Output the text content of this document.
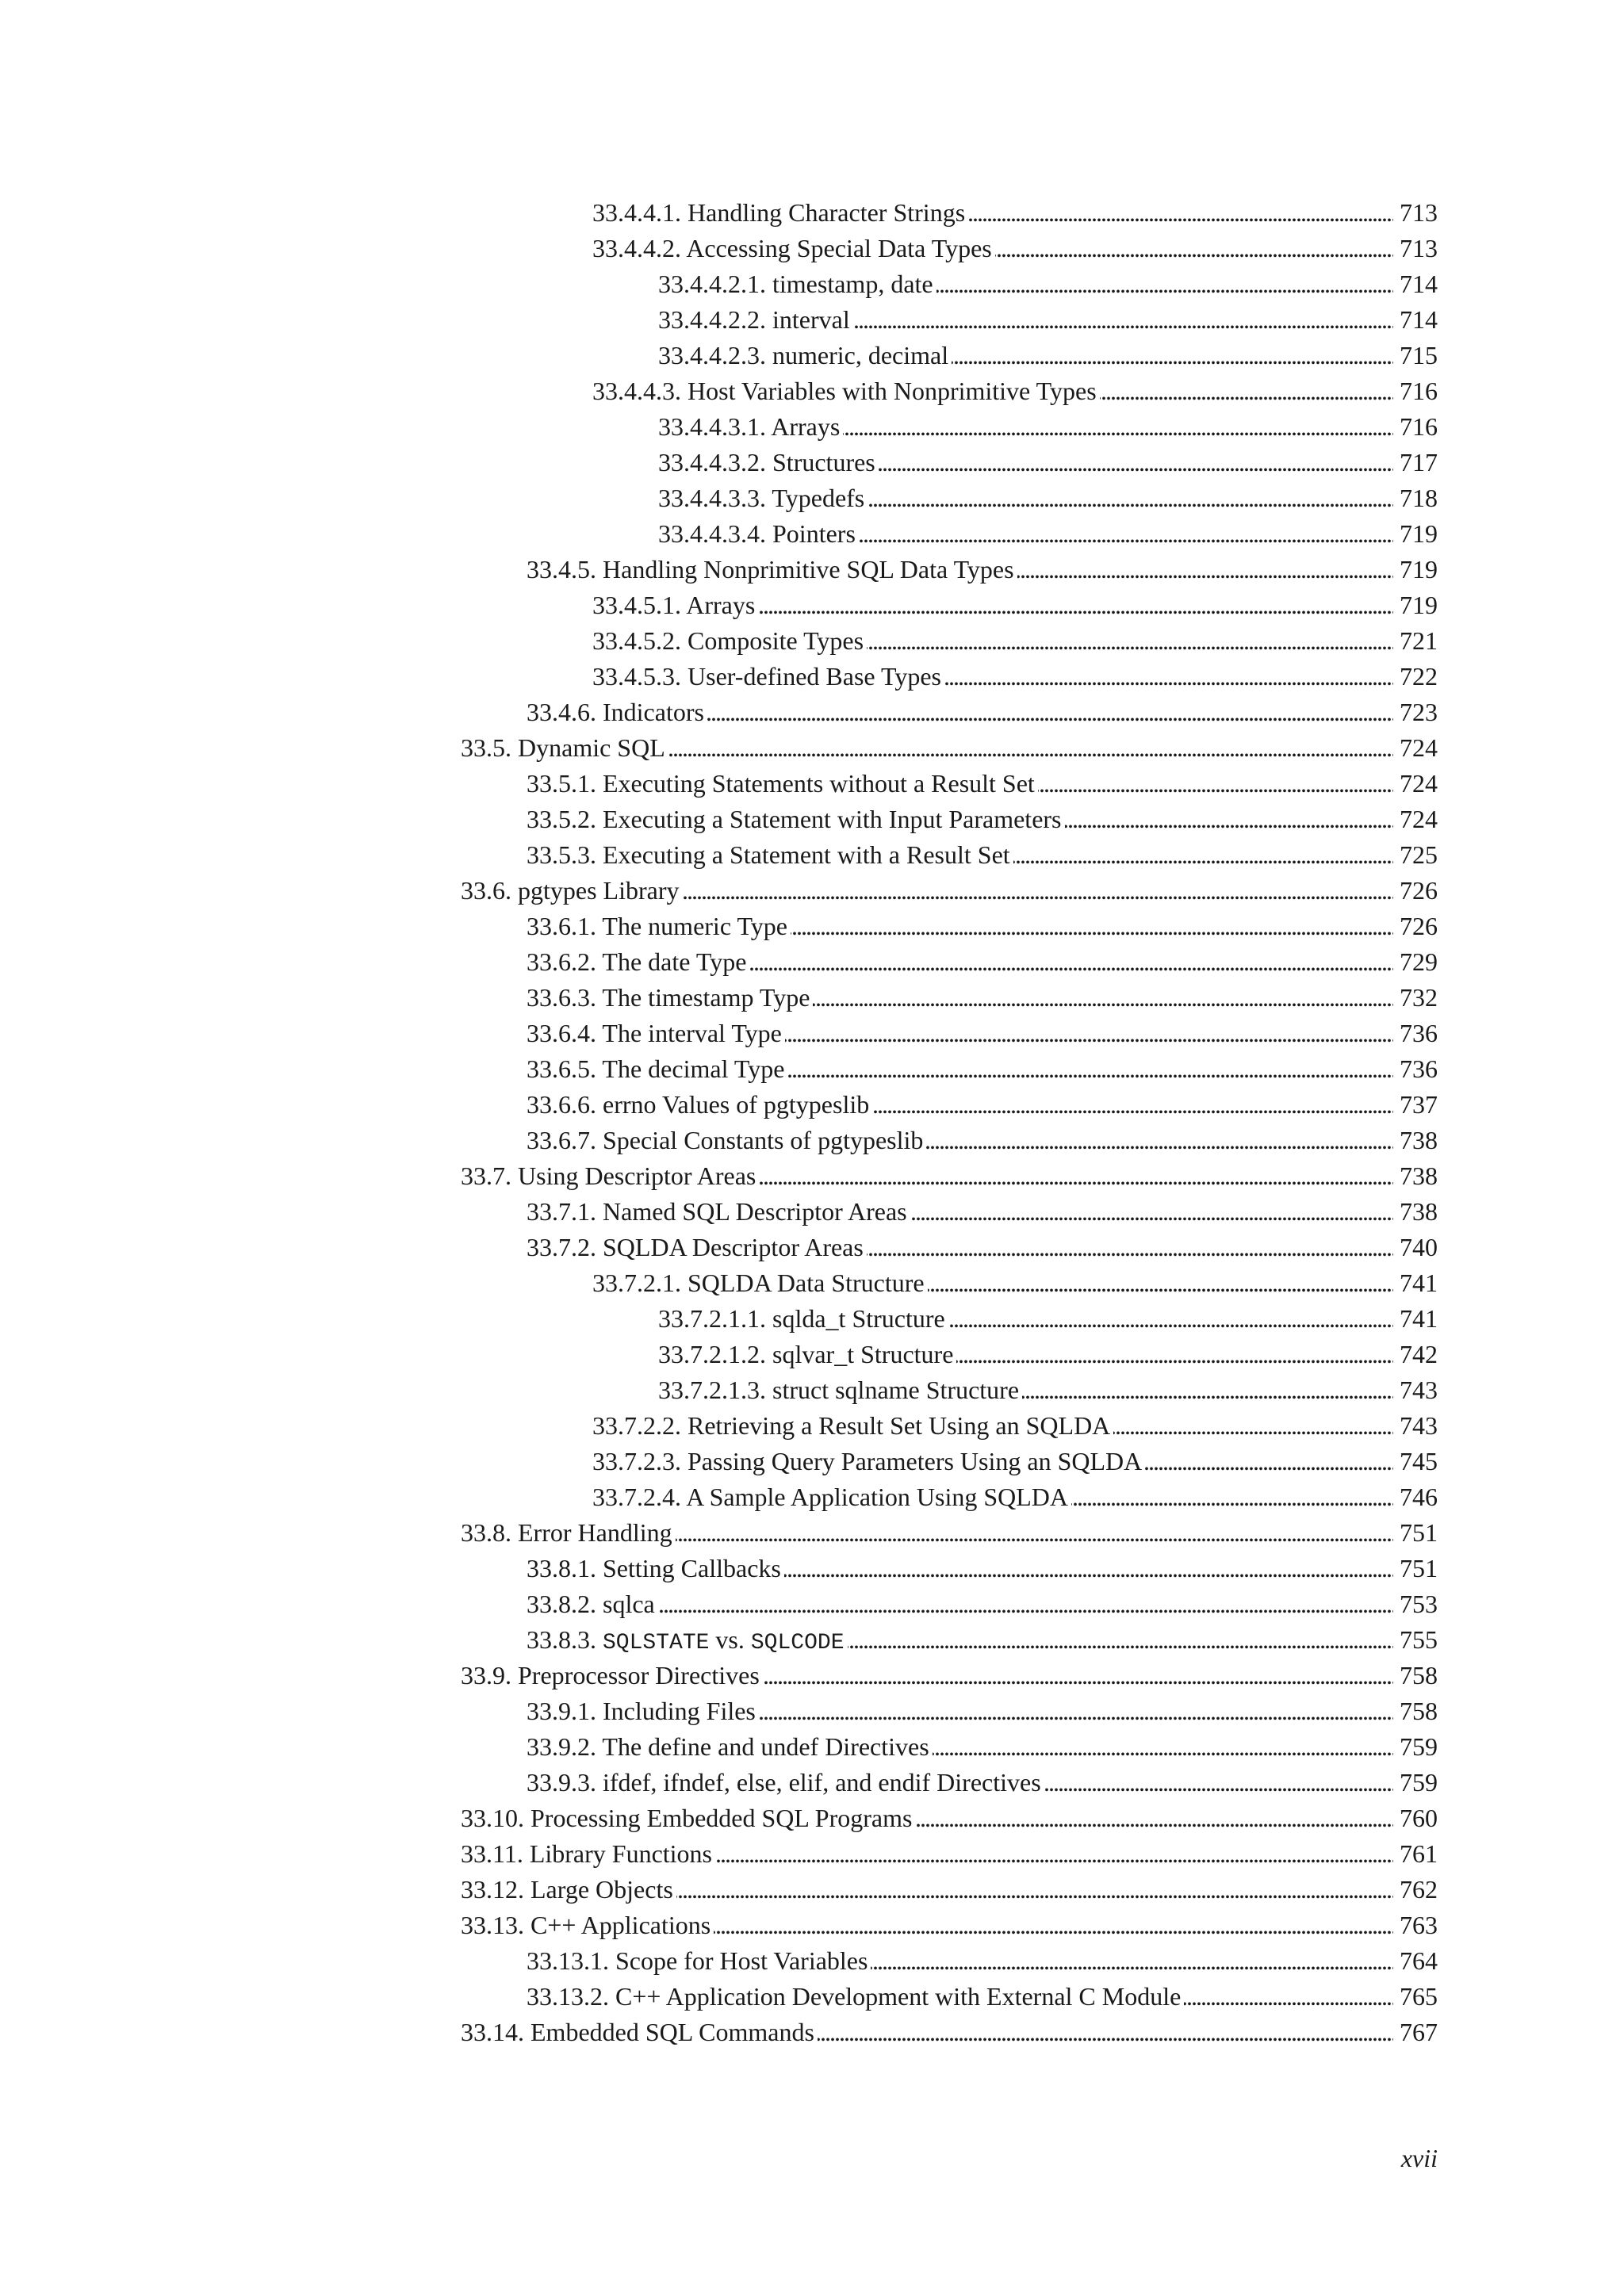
33.4.4.1. Handling Character Strings . . .	713
33.4.4.2. Accessing Special Data Types . . .	713
33.4.4.2.1. timestamp, date . . .	714
33.4.4.2.2. interval . . .	714
33.4.4.2.3. numeric, decimal . . .	715
33.4.4.3. Host Variables with Nonprimitive Types . . .	716
33.4.4.3.1. Arrays . . .	716
33.4.4.3.2. Structures . . .	717
33.4.4.3.3. Typedefs . . .	718
33.4.4.3.4. Pointers . . .	719
33.4.5. Handling Nonprimitive SQL Data Types . . .	719
33.4.5.1. Arrays . . .	719
33.4.5.2. Composite Types . . .	721
33.4.5.3. User-defined Base Types . . .	722
33.4.6. Indicators . . .	723
33.5. Dynamic SQL . . .	724
33.5.1. Executing Statements without a Result Set . . .	724
33.5.2. Executing a Statement with Input Parameters . . .	724
33.5.3. Executing a Statement with a Result Set . . .	725
33.6. pgtypes Library . . .	726
33.6.1. The numeric Type . . .	726
33.6.2. The date Type . . .	729
33.6.3. The timestamp Type . . .	732
33.6.4. The interval Type . . .	736
33.6.5. The decimal Type . . .	736
33.6.6. errno Values of pgtypeslib . . .	737
33.6.7. Special Constants of pgtypeslib . . .	738
33.7. Using Descriptor Areas . . .	738
33.7.1. Named SQL Descriptor Areas . . .	738
33.7.2. SQLDA Descriptor Areas . . .	740
33.7.2.1. SQLDA Data Structure . . .	741
33.7.2.1.1. sqlda_t Structure . . .	741
33.7.2.1.2. sqlvar_t Structure . . .	742
33.7.2.1.3. struct sqlname Structure . . .	743
33.7.2.2. Retrieving a Result Set Using an SQLDA . . .	743
33.7.2.3. Passing Query Parameters Using an SQLDA . . .	745
33.7.2.4. A Sample Application Using SQLDA . . .	746
33.8. Error Handling . . .	751
33.8.1. Setting Callbacks . . .	751
33.8.2. sqlca . . .	753
33.8.3. SQLSTATE vs. SQLCODE . . .	755
33.9. Preprocessor Directives . . .	758
33.9.1. Including Files . . .	758
33.9.2. The define and undef Directives . . .	759
33.9.3. ifdef, ifndef, else, elif, and endif Directives . . .	759
33.10. Processing Embedded SQL Programs . . .	760
33.11. Library Functions . . .	761
33.12. Large Objects . . .	762
33.13. C++ Applications . . .	763
33.13.1. Scope for Host Variables . . .	764
33.13.2. C++ Application Development with External C Module . . .	765
33.14. Embedded SQL Commands . . .	767
xvii
